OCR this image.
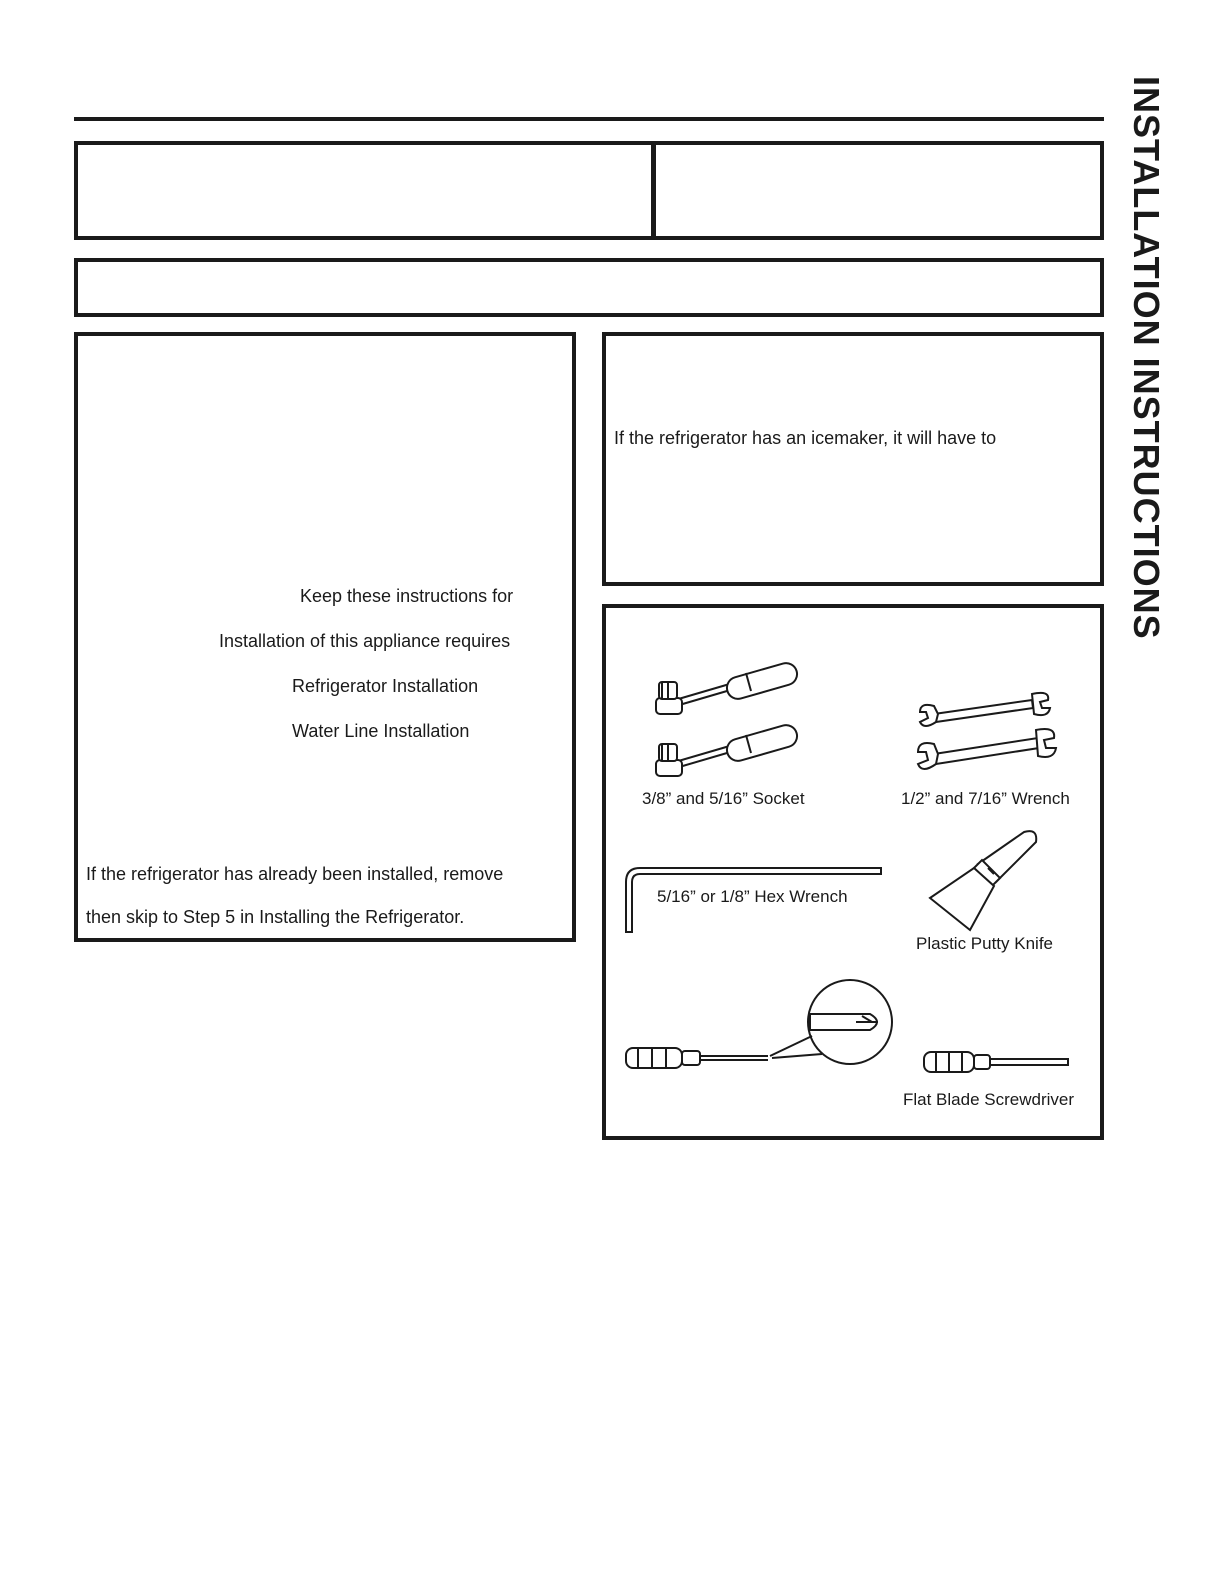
Keep these instructions for
Installation of this appliance requires
Refrigerator Installation
Water Line Installation
If the refrigerator has already been installed, remove
then skip to Step 5 in Installing the Refrigerator.
If the refrigerator has an icemaker, it will have to
3/8” and 5/16” Socket	1/2” and 7/16” Wrench
5/16” or 1/8” Hex Wrench
Plastic Putty Knife
Flat Blade Screwdriver
INSTALLATION INSTRUCTIONS
